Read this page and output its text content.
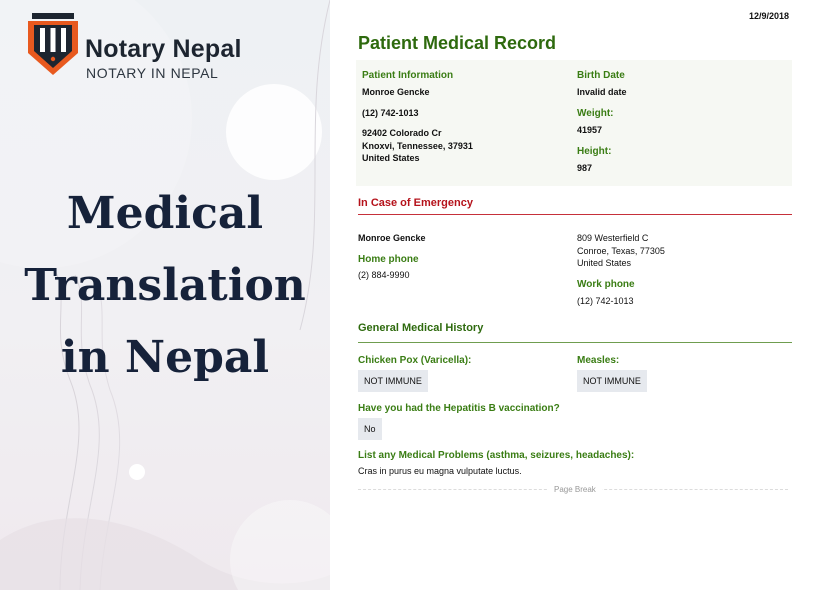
Notary Nepal
NOTARY IN NEPAL
Medical
Translation
in Nepal
12/9/2018
Patient Medical Record
Patient Information
Monroe Gencke
(12) 742-1013
92402 Colorado Cr
Knoxvi, Tennessee, 37931
United States
Birth Date
Invalid date
Weight:
41957
Height:
987
In Case of Emergency
Monroe Gencke
Home phone
(2) 884-9990
809 Westerfield C
Conroe, Texas, 77305
United States
Work phone
(12) 742-1013
General Medical History
Chicken Pox (Varicella):
NOT IMMUNE
Measles:
NOT IMMUNE
Have you had the Hepatitis B vaccination?
No
List any Medical Problems (asthma, seizures, headaches):
Cras in purus eu magna vulputate luctus.
Page Break
